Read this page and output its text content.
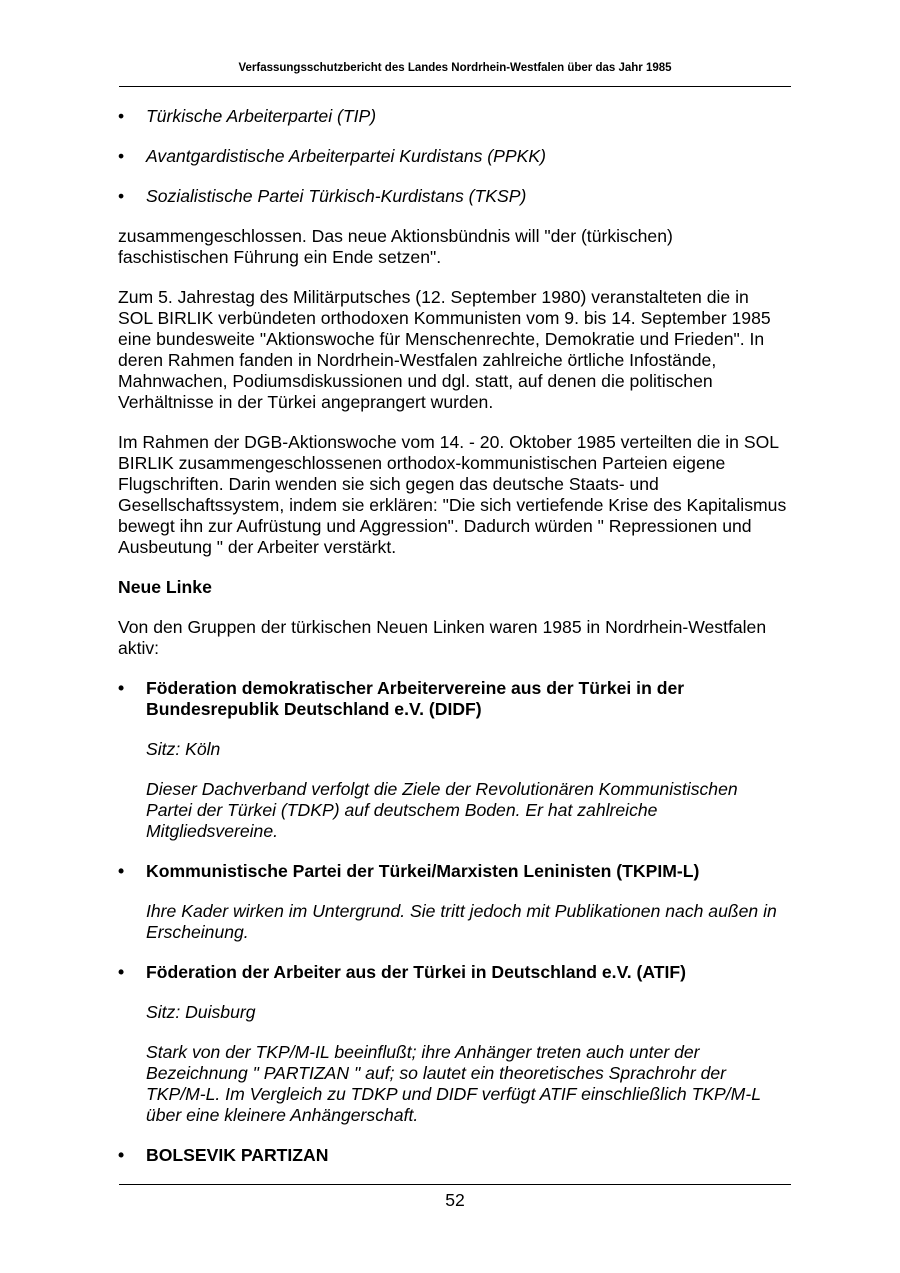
Verfassungsschutzbericht des Landes Nordrhein-Westfalen über das Jahr 1985
•	Türkische Arbeiterpartei (TIP)
•	Avantgardistische Arbeiterpartei Kurdistans (PPKK)
•	Sozialistische Partei Türkisch-Kurdistans (TKSP)

zusammengeschlossen. Das neue Aktionsbündnis will "der (türkischen) faschistischen Führung ein Ende setzen".

Zum 5. Jahrestag des Militärputsches (12. September 1980) veranstalteten die in SOL BIRLIK verbündeten orthodoxen Kommunisten vom 9. bis 14. September 1985 eine bundesweite "Aktionswoche für Menschenrechte, Demokratie und Frieden". In deren Rahmen fanden in Nordrhein-Westfalen zahlreiche örtliche Infostände, Mahnwachen, Podiumsdiskussionen und dgl. statt, auf denen die politischen Verhältnisse in der Türkei angeprangert wurden.

Im Rahmen der DGB-Aktionswoche vom 14. - 20. Oktober 1985 verteilten die in SOL BIRLIK zusammengeschlossenen orthodox-kommunistischen Parteien eigene Flugschriften. Darin wenden sie sich gegen das deutsche Staats- und Gesellschaftssystem, indem sie erklären: "Die sich vertiefende Krise des Kapitalismus bewegt ihn zur Aufrüstung und Aggression". Dadurch würden " Repressionen und Ausbeutung " der Arbeiter verstärkt.

Neue Linke

Von den Gruppen der türkischen Neuen Linken waren 1985 in Nordrhein-Westfalen aktiv:

•	Föderation demokratischer Arbeitervereine aus der Türkei in der Bundesrepublik Deutschland e.V. (DIDF)
Sitz: Köln
Dieser Dachverband verfolgt die Ziele der Revolutionären Kommunistischen Partei der Türkei (TDKP) auf deutschem Boden. Er hat zahlreiche Mitgliedsvereine.
•	Kommunistische Partei der Türkei/Marxisten Leninisten (TKPIM-L)
Ihre Kader wirken im Untergrund. Sie tritt jedoch mit Publikationen nach außen in Erscheinung.
•	Föderation der Arbeiter aus der Türkei in Deutschland e.V. (ATIF)
Sitz: Duisburg
Stark von der TKP/M-IL beeinflußt; ihre Anhänger treten auch unter der Bezeichnung " PARTIZAN " auf; so lautet ein theoretisches Sprachrohr der TKP/M-L. Im Vergleich zu TDKP und DIDF verfügt ATIF einschließlich TKP/M-L über eine kleinere Anhängerschaft.
•	BOLSEVIK PARTIZAN
52
